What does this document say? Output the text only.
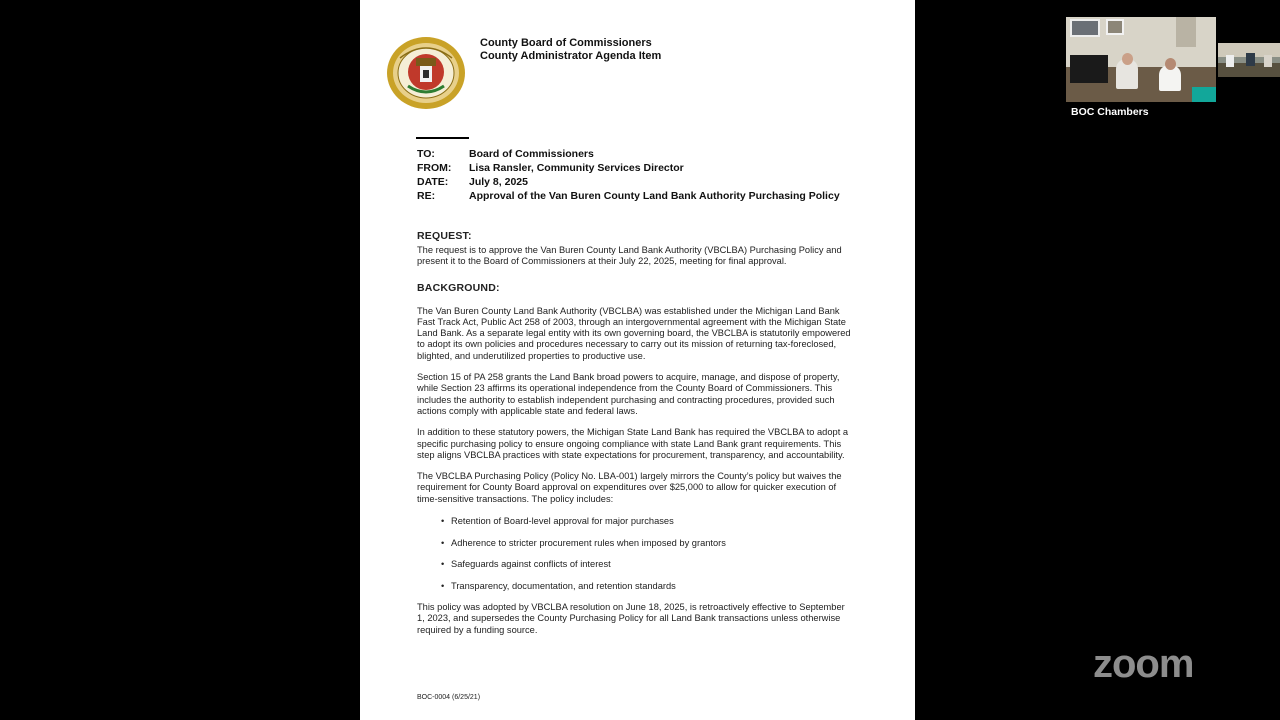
County Board of Commissioners
County Administrator Agenda Item
TO:	Board of Commissioners
FROM:	Lisa Ransler, Community Services Director
DATE:	July 8, 2025
RE:	Approval of the Van Buren County Land Bank Authority Purchasing Policy
REQUEST:

The request is to approve the Van Buren County Land Bank Authority (VBCLBA) Purchasing Policy and present it to the Board of Commissioners at their July 22, 2025, meeting for final approval.

BACKGROUND:

The Van Buren County Land Bank Authority (VBCLBA) was established under the Michigan Land Bank Fast Track Act, Public Act 258 of 2003, through an intergovernmental agreement with the Michigan State Land Bank. As a separate legal entity with its own governing board, the VBCLBA is statutorily empowered to adopt its own policies and procedures necessary to carry out its mission of returning tax-foreclosed, blighted, and underutilized properties to productive use.

Section 15 of PA 258 grants the Land Bank broad powers to acquire, manage, and dispose of property, while Section 23 affirms its operational independence from the County Board of Commissioners. This includes the authority to establish independent purchasing and contracting procedures, provided such actions comply with applicable state and federal laws.

In addition to these statutory powers, the Michigan State Land Bank has required the VBCLBA to adopt a specific purchasing policy to ensure ongoing compliance with state Land Bank grant requirements. This step aligns VBCLBA practices with state expectations for procurement, transparency, and accountability.

The VBCLBA Purchasing Policy (Policy No. LBA-001) largely mirrors the County’s policy but waives the requirement for County Board approval on expenditures over $25,000 to allow for quicker execution of time-sensitive transactions. The policy includes:

• Retention of Board-level approval for major purchases
• Adherence to stricter procurement rules when imposed by grantors
• Safeguards against conflicts of interest
• Transparency, documentation, and retention standards

This policy was adopted by VBCLBA resolution on June 18, 2025, is retroactively effective to September 1, 2023, and supersedes the County Purchasing Policy for all Land Bank transactions unless otherwise required by a funding source.

BOC-0004 (6/25/21)
BOC Chambers
zoom
